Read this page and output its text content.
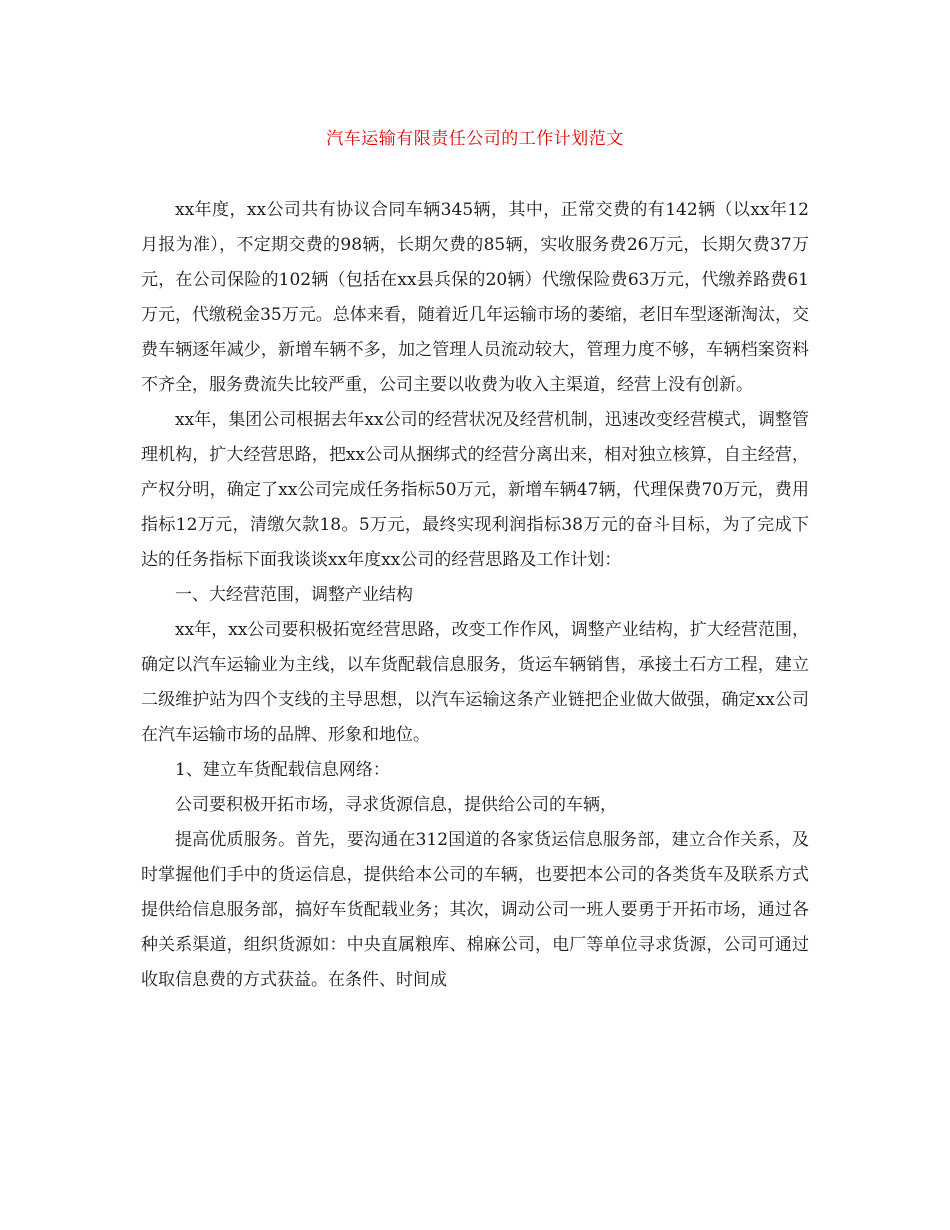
汽车运输有限责任公司的工作计划范文

xx年度，xx公司共有协议合同车辆345辆，其中，正常交费的有142辆（以xx年12月报为准），不定期交费的98辆，长期欠费的85辆，实收服务费26万元，长期欠费37万元，在公司保险的102辆（包括在xx县兵保的20辆）代缴保险费63万元，代缴养路费61万元，代缴税金35万元。总体来看，随着近几年运输市场的萎缩，老旧车型逐渐淘汰，交费车辆逐年减少，新增车辆不多，加之管理人员流动较大，管理力度不够，车辆档案资料不齐全，服务费流失比较严重，公司主要以收费为收入主渠道，经营上没有创新。

xx年，集团公司根据去年xx公司的经营状况及经营机制，迅速改变经营模式，调整管理机构，扩大经营思路，把xx公司从捆绑式的经营分离出来，相对独立核算，自主经营，产权分明，确定了xx公司完成任务指标50万元，新增车辆47辆，代理保费70万元，费用指标12万元，清缴欠款18。5万元，最终实现利润指标38万元的奋斗目标，为了完成下达的任务指标下面我谈谈xx年度xx公司的经营思路及工作计划：

一、大经营范围，调整产业结构

xx年，xx公司要积极拓宽经营思路，改变工作作风，调整产业结构，扩大经营范围，确定以汽车运输业为主线，以车货配载信息服务，货运车辆销售，承接土石方工程，建立二级维护站为四个支线的主导思想，以汽车运输这条产业链把企业做大做强，确定xx公司在汽车运输市场的品牌、形象和地位。

1、建立车货配载信息网络：

公司要积极开拓市场，寻求货源信息，提供给公司的车辆，

提高优质服务。首先，要沟通在312国道的各家货运信息服务部，建立合作关系，及时掌握他们手中的货运信息，提供给本公司的车辆，也要把本公司的各类货车及联系方式提供给信息服务部，搞好车货配载业务；其次，调动公司一班人要勇于开拓市场，通过各种关系渠道，组织货源如：中央直属粮库、棉麻公司，电厂等单位寻求货源，公司可通过收取信息费的方式获益。在条件、时间成
